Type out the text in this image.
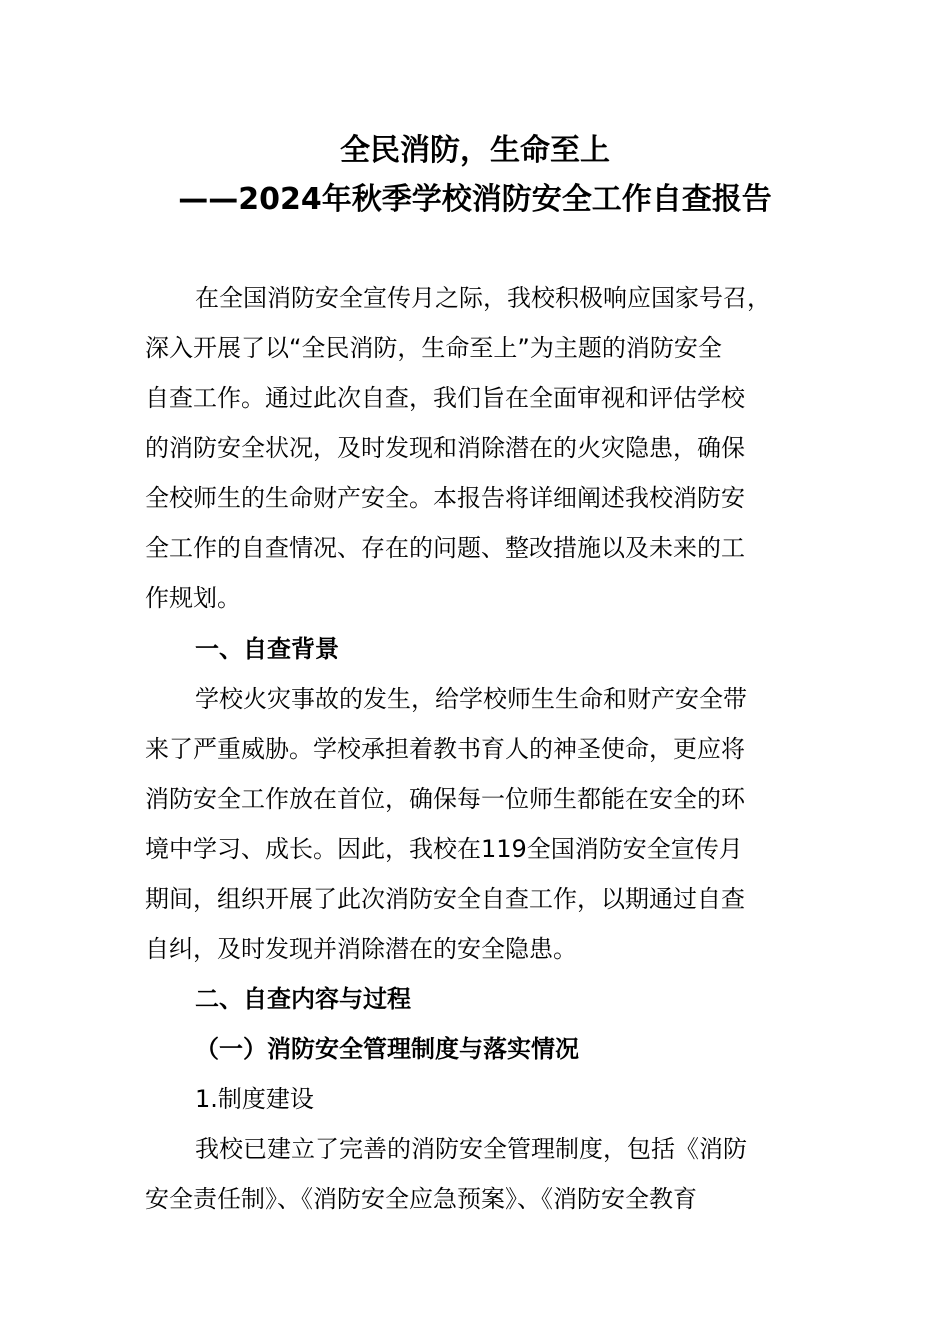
全民消防，生命至上
——2024年秋季学校消防安全工作自查报告
在全国消防安全宣传月之际，我校积极响应国家号召，
深入开展了以“全民消防，生命至上”为主题的消防安全
自查工作。通过此次自查，我们旨在全面审视和评估学校
的消防安全状况，及时发现和消除潜在的火灾隐患，确保
全校师生的生命财产安全。本报告将详细阐述我校消防安
全工作的自查情况、存在的问题、整改措施以及未来的工
作规划。
一、自查背景
学校火灾事故的发生，给学校师生生命和财产安全带
来了严重威胁。学校承担着教书育人的神圣使命，更应将
消防安全工作放在首位，确保每一位师生都能在安全的环
境中学习、成长。因此，我校在119全国消防安全宣传月
期间，组织开展了此次消防安全自查工作，以期通过自查
自纠，及时发现并消除潜在的安全隐患。
二、自查内容与过程
（一）消防安全管理制度与落实情况
1.制度建设
我校已建立了完善的消防安全管理制度，包括《消防
安全责任制》、《消防安全应急预案》、《消防安全教育
